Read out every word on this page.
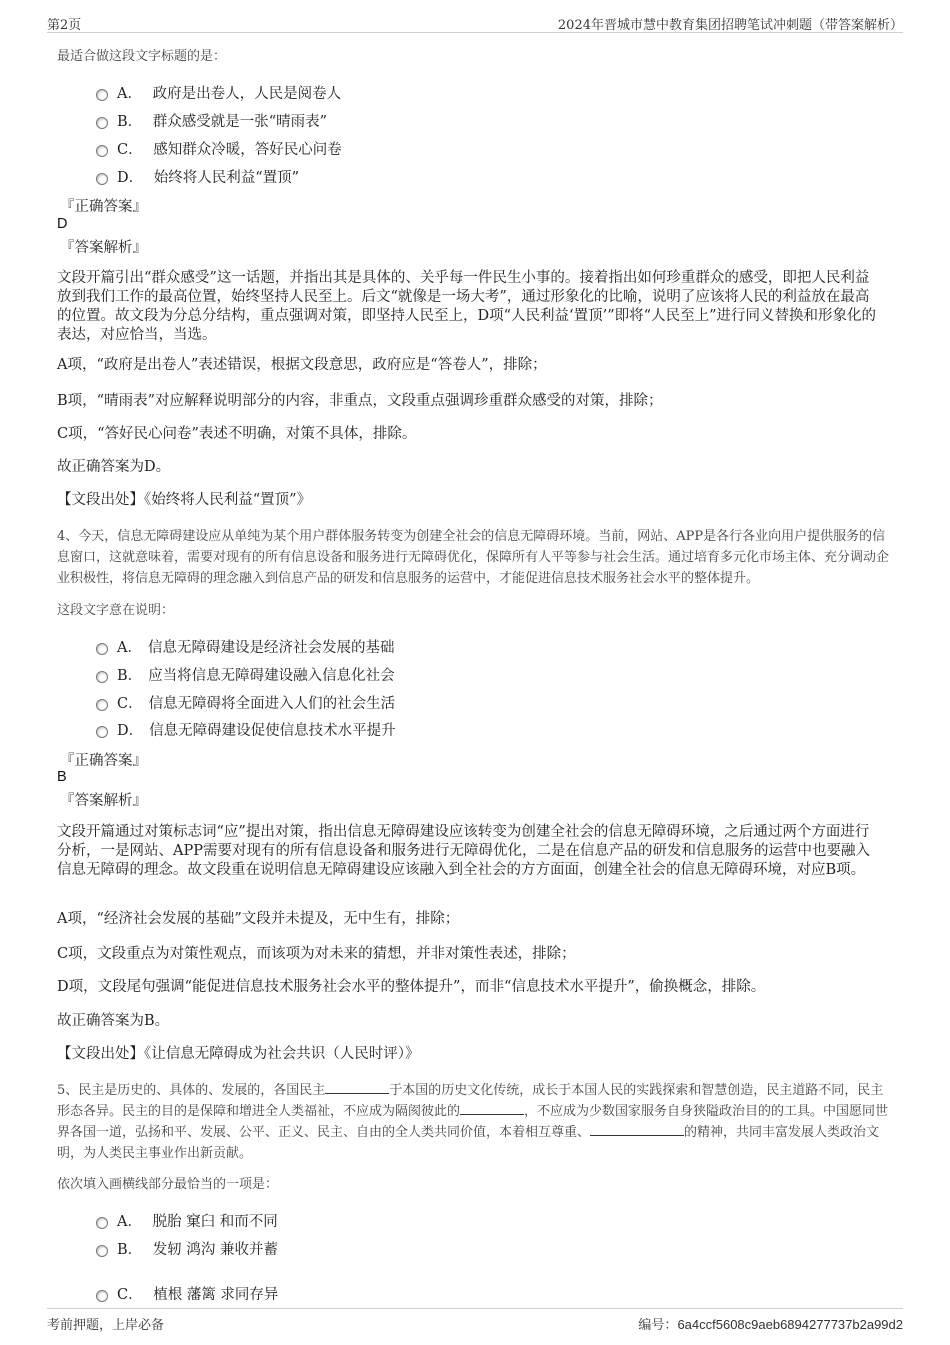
第2页	2024年晋城市慧中教育集团招聘笔试冲刺题（带答案解析）
最适合做这段文字标题的是：
A． 政府是出卷人，人民是阅卷人
B． 群众感受就是一张“晴雨表”
C． 感知群众冷暖，答好民心问卷
D． 始终将人民利益“置顶”
『正确答案』
D
『答案解析』
文段开篇引出“群众感受”这一话题，并指出其是具体的、关乎每一件民生小事的。接着指出如何珍重群众的感受，即把人民利益放到我们工作的最高位置，始终坚持人民至上。后文“就像是一场大考”，通过形象化的比喻，说明了应该将人民的利益放在最高的位置。故文段为分总分结构，重点强调对策，即坚持人民至上，D项“人民利益‘置顶’”即将“人民至上”进行同义替换和形象化的表达，对应恰当，当选。
A项，“政府是出卷人”表述错误，根据文段意思，政府应是“答卷人”，排除；
B项，“晴雨表”对应解释说明部分的内容，非重点，文段重点强调珍重群众感受的对策，排除；
C项，“答好民心问卷”表述不明确，对策不具体，排除。
故正确答案为D。
【文段出处】《始终将人民利益“置顶”》
4、今天，信息无障碍建设应从单纯为某个用户群体服务转变为创建全社会的信息无障碍环境。当前，网站、APP是各行各业向用户提供服务的信息窗口，这就意味着，需要对现有的所有信息设备和服务进行无障碍优化，保障所有人平等参与社会生活。通过培育多元化市场主体、充分调动企业积极性，将信息无障碍的理念融入到信息产品的研发和信息服务的运营中，才能促进信息技术服务社会水平的整体提升。
这段文字意在说明：
A． 信息无障碍建设是经济社会发展的基础
B． 应当将信息无障碍建设融入信息化社会
C． 信息无障碍将全面进入人们的社会生活
D． 信息无障碍建设促使信息技术水平提升
『正确答案』
B
『答案解析』
文段开篇通过对策标志词“应”提出对策，指出信息无障碍建设应该转变为创建全社会的信息无障碍环境，之后通过两个方面进行分析，一是网站、APP需要对现有的所有信息设备和服务进行无障碍优化，二是在信息产品的研发和信息服务的运营中也要融入信息无障碍的理念。故文段重在说明信息无障碍建设应该融入到全社会的方方面面，创建全社会的信息无障碍环境，对应B项。
A项，“经济社会发展的基础”文段并未提及，无中生有，排除；
C项，文段重点为对策性观点，而该项为对未来的猜想，并非对策性表述，排除；
D项，文段尾句强调“能促进信息技术服务社会水平的整体提升”，而非“信息技术水平提升”，偷换概念，排除。
故正确答案为B。
【文段出处】《让信息无障碍成为社会共识（人民时评）》
5、民主是历史的、具体的、发展的，各国民主	于本国的历史文化传统，成长于本国人民的实践探索和智慧创造，民主道路不同，民主形态各异。民主的目的是保障和增进全人类福祉，不应成为隔阂彼此的	，不应成为少数国家服务自身狭隘政治目的的工具。中国愿同世界各国一道，弘扬和平、发展、公平、正义、民主、自由的全人类共同价值，本着相互尊重、	的精神，共同丰富发展人类政治文明，为人类民主事业作出新贡献。
依次填入画横线部分最恰当的一项是：
A． 脱胎 窠臼 和而不同
B． 发轫 鸿沟 兼收并蓄
C． 植根 藩篱 求同存异
考前押题，上岸必备	编号：6a4ccf5608c9aeb6894277737b2a99d2
